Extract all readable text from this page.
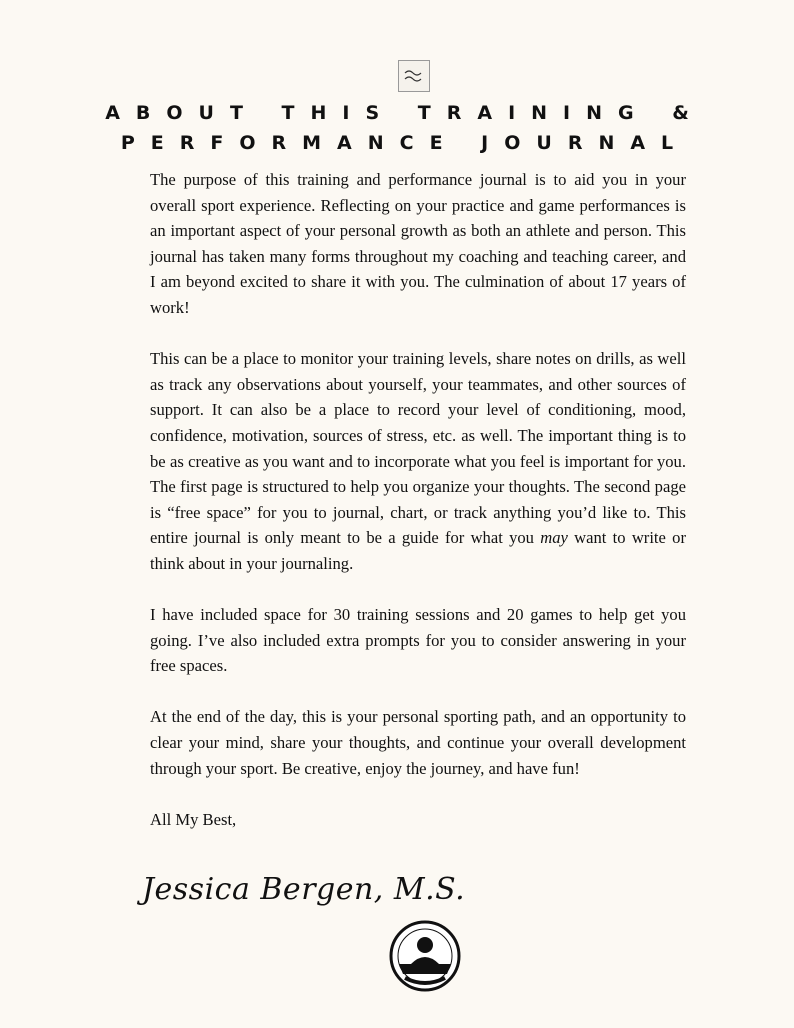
ABOUT THIS TRAINING &
PERFORMANCE JOURNAL

The purpose of this training and performance journal is to aid you in your overall sport experience. Reflecting on your practice and game performances is an important aspect of your personal growth as both an athlete and person. This journal has taken many forms throughout my coaching and teaching career, and I am beyond excited to share it with you. The culmination of about 17 years of work!

This can be a place to monitor your training levels, share notes on drills, as well as track any observations about yourself, your teammates, and other sources of support. It can also be a place to record your level of conditioning, mood, confidence, motivation, sources of stress, etc. as well. The important thing is to be as creative as you want and to incorporate what you feel is important for you. The first page is structured to help you organize your thoughts. The second page is “free space” for you to journal, chart, or track anything you’d like to. This entire journal is only meant to be a guide for what you may want to write or think about in your journaling.

I have included space for 30 training sessions and 20 games to help get you going. I’ve also included extra prompts for you to consider answering in your free spaces.

At the end of the day, this is your personal sporting path, and an opportunity to clear your mind, share your thoughts, and continue your overall development through your sport. Be creative, enjoy the journey, and have fun!

All My Best,

Jessica Bergen, M.S.
